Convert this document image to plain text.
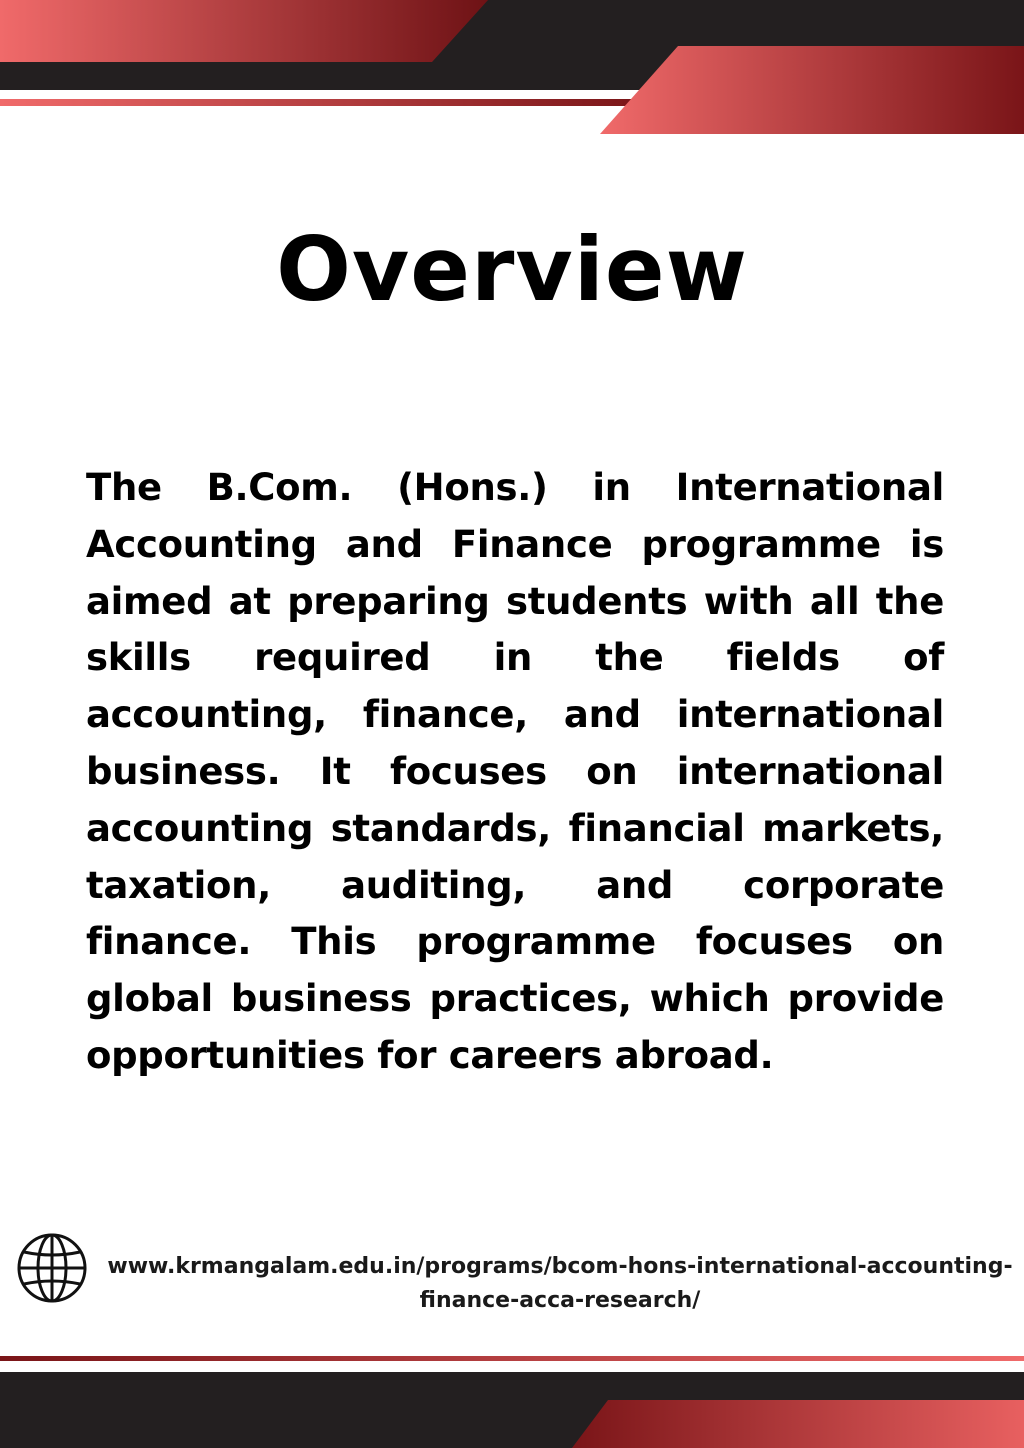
Overview
The B.Com. (Hons.) in International Accounting and Finance programme is aimed at preparing students with all the skills required in the fields of accounting, finance, and international business. It focuses on international accounting standards, financial markets, taxation, auditing, and corporate finance. This programme focuses on global business practices, which provide opportunities for careers abroad.
www.krmangalam.edu.in/programs/bcom-hons-international-accounting-
finance-acca-research/
